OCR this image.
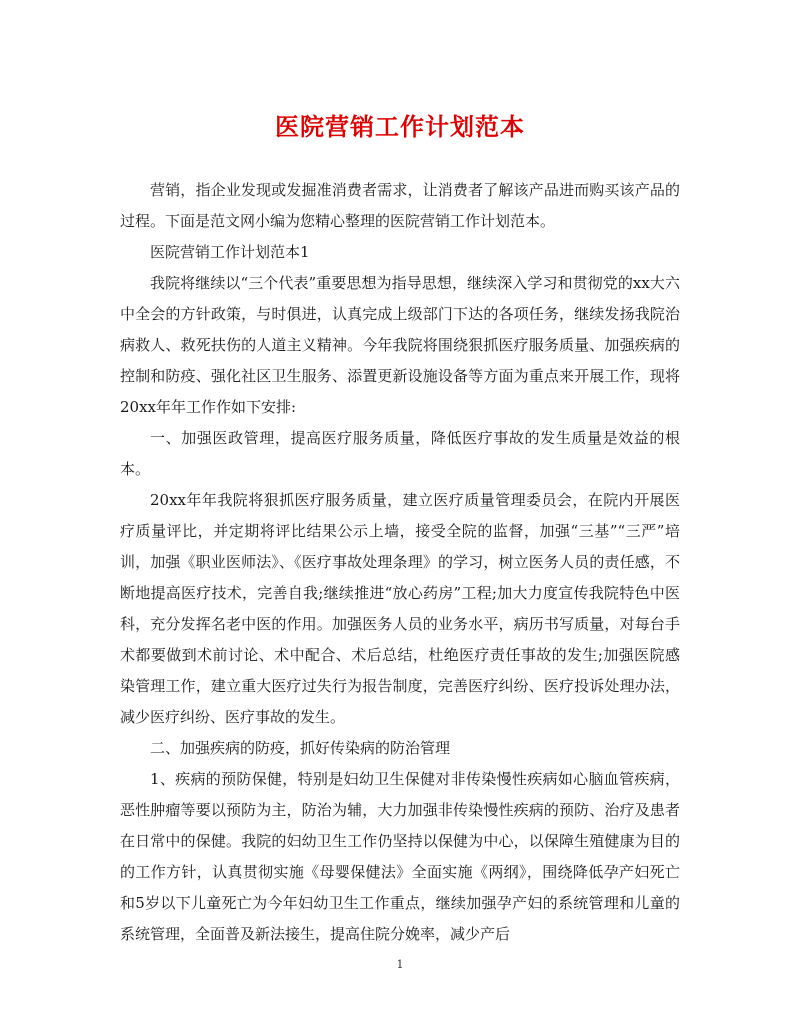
医院营销工作计划范本

营销，指企业发现或发掘准消费者需求，让消费者了解该产品进而购买该产品的过程。下面是范文网小编为您精心整理的医院营销工作计划范本。

医院营销工作计划范本1

我院将继续以“三个代表”重要思想为指导思想，继续深入学习和贯彻党的xx大六中全会的方针政策，与时俱进，认真完成上级部门下达的各项任务，继续发扬我院治病救人、救死扶伤的人道主义精神。今年我院将围绕狠抓医疗服务质量、加强疾病的控制和防疫、强化社区卫生服务、添置更新设施设备等方面为重点来开展工作，现将20xx年年工作作如下安排:

一、加强医政管理，提高医疗服务质量，降低医疗事故的发生质量是效益的根本。

20xx年年我院将狠抓医疗服务质量，建立医疗质量管理委员会，在院内开展医疗质量评比，并定期将评比结果公示上墙，接受全院的监督，加强“三基”“三严”培训，加强《职业医师法》、《医疗事故处理条理》的学习，树立医务人员的责任感，不断地提高医疗技术，完善自我;继续推进“放心药房”工程;加大力度宣传我院特色中医科，充分发挥名老中医的作用。加强医务人员的业务水平，病历书写质量，对每台手术都要做到术前讨论、术中配合、术后总结，杜绝医疗责任事故的发生;加强医院感染管理工作，建立重大医疗过失行为报告制度，完善医疗纠纷、医疗投诉处理办法，减少医疗纠纷、医疗事故的发生。

二、加强疾病的防疫，抓好传染病的防治管理

1、疾病的预防保健，特别是妇幼卫生保健对非传染慢性疾病如心脑血管疾病，恶性肿瘤等要以预防为主，防治为辅，大力加强非传染慢性疾病的预防、治疗及患者在日常中的保健。我院的妇幼卫生工作仍坚持以保健为中心，以保障生殖健康为目的的工作方针，认真贯彻实施《母婴保健法》全面实施《两纲》，围绕降低孕产妇死亡和5岁以下儿童死亡为今年妇幼卫生工作重点，继续加强孕产妇的系统管理和儿童的系统管理，全面普及新法接生，提高住院分娩率，减少产后

1
